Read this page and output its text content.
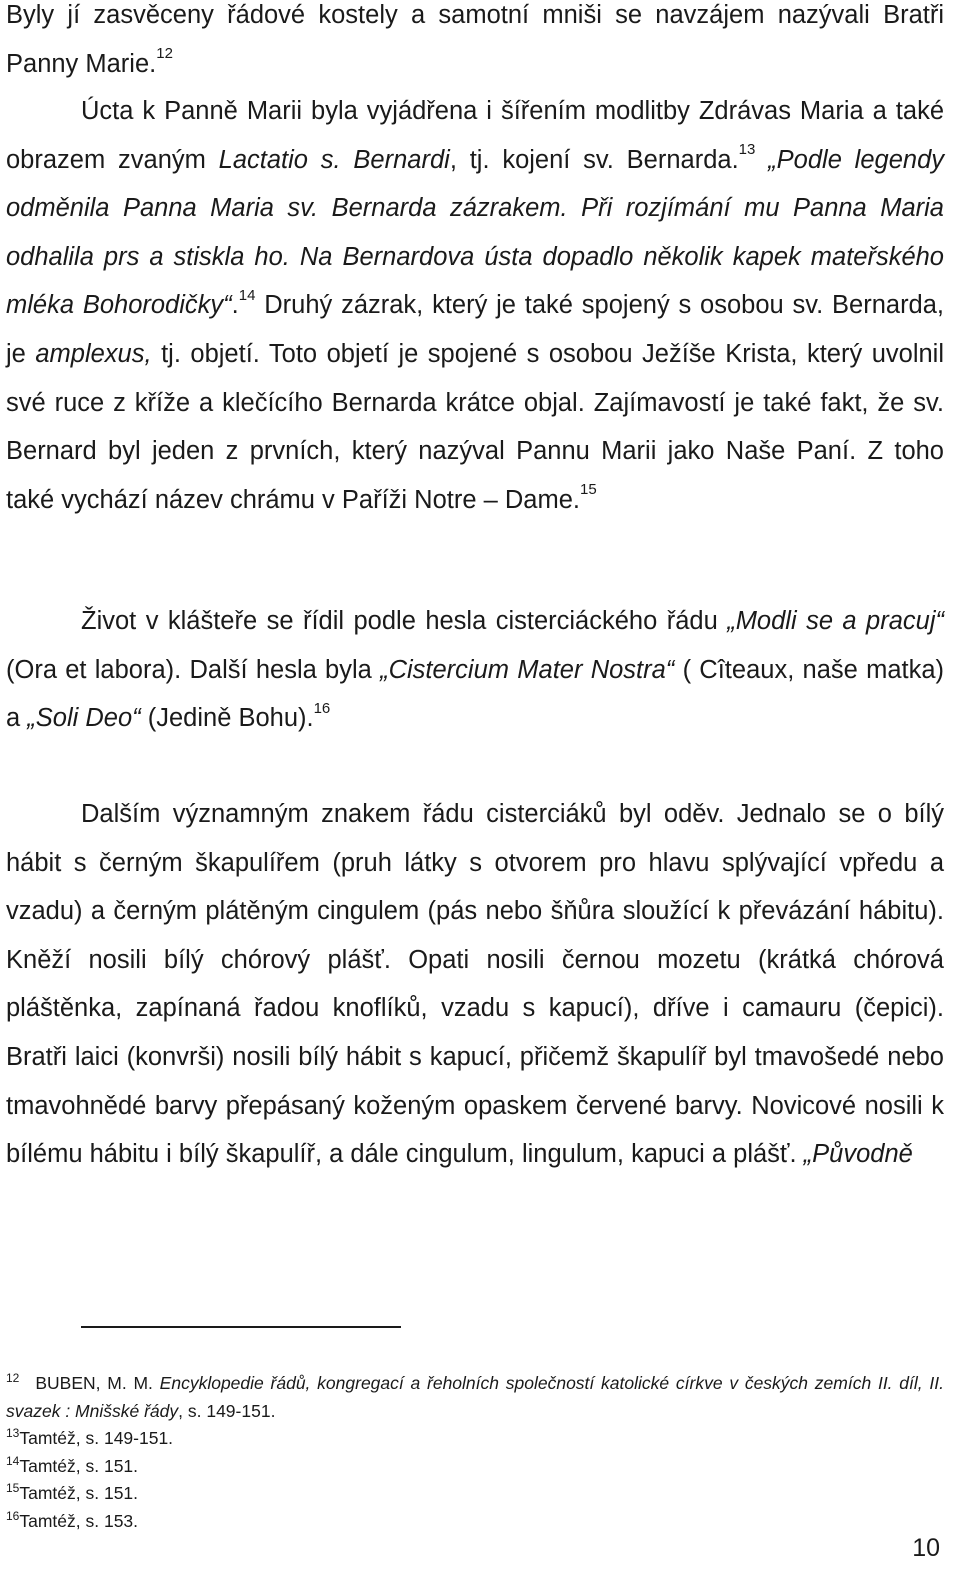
Byly jí zasvěceny řádové kostely a samotní mniši se navzájem nazývali Bratři Panny Marie.$^{12}$

Úcta k Panně Marii byla vyjádřena i šířením modlitby Zdrávas Maria a také obrazem zvaným Lactatio s. Bernardi, tj. kojení sv. Bernarda.$^{13}$ „Podle legendy odměnila Panna Maria sv. Bernarda zázrakem. Při rozjímání mu Panna Maria odhalila prs a stiskla ho. Na Bernardova ústa dopadlo několik kapek mateřského mléka Bohorodičky“.$^{14}$ Druhý zázrak, který je také spojený s osobou sv. Bernarda, je amplexus, tj. objetí. Toto objetí je spojené s osobou Ježíše Krista, který uvolnil své ruce z kříže a klečícího Bernarda krátce objal. Zajímavostí je také fakt, že sv. Bernard byl jeden z prvních, který nazýval Pannu Marii jako Naše Paní. Z toho také vychází název chrámu v Paříži Notre – Dame.$^{15}$

Život v klášteře se řídil podle hesla cisterciáckého řádu „Modli se a pracuj“ (Ora et labora). Další hesla byla „Cistercium Mater Nostra“ ( Cîteaux, naše matka) a „Soli Deo“ (Jedině Bohu).$^{16}$

Dalším významným znakem řádu cisterciáků byl oděv. Jednalo se o bílý hábit s černým škapulířem (pruh látky s otvorem pro hlavu splývající vpředu a vzadu) a černým plátěným cingulem (pás nebo šňůra sloužící k převázání hábitu). Kněží nosili bílý chórový plášť. Opati nosili černou mozetu (krátká chórová pláštěnka, zapínaná řadou knoflíků, vzadu s kapucí), dříve i camauru (čepici). Bratři laici (konvrši) nosili bílý hábit s kapucí, přičemž škapulíř byl tmavošedé nebo tmavohnědé barvy přepásaný koženým opaskem červené barvy. Novicové nosili k bílému hábitu i bílý škapulíř, a dále cingulum, lingulum, kapuci a plášť. „Původně

$^{12}$ BUBEN, M. M. Encyklopedie řádů, kongregací a řeholních společností katolické církve v českých zemích II. díl, II. svazek : Mnišské řády, s. 149-151.

$^{13}$Tamtéž, s. 149-151.

$^{14}$Tamtéž, s. 151.

$^{15}$Tamtéž, s. 151.

$^{16}$Tamtéž, s. 153.

10
